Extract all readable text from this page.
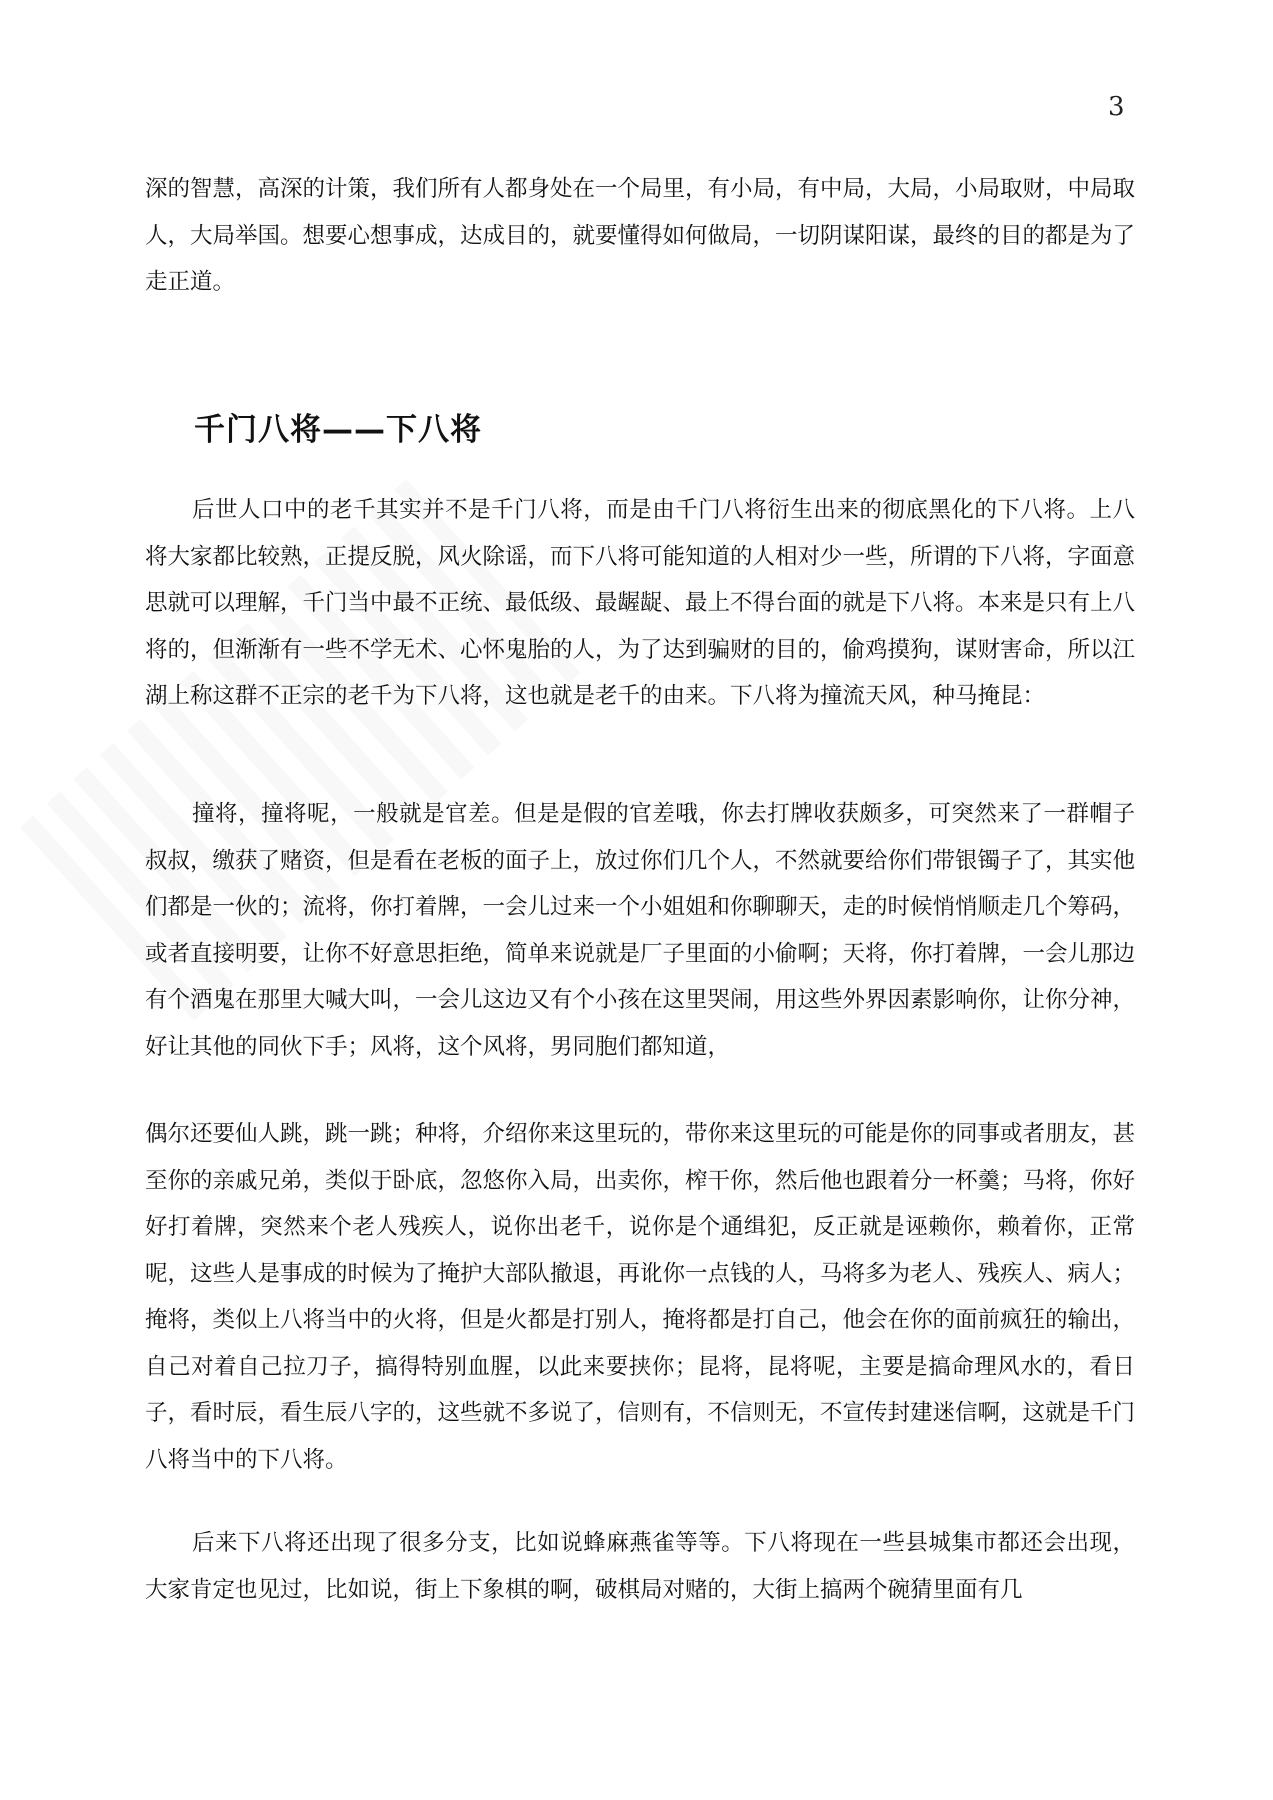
3

深的智慧，高深的计策，我们所有人都身处在一个局里，有小局，有中局，大局，小局取财，中局取人，大局举国。想要心想事成，达成目的，就要懂得如何做局，一切阴谋阳谋，最终的目的都是为了走正道。

千门八将——下八将

后世人口中的老千其实并不是千门八将，而是由千门八将衍生出来的彻底黑化的下八将。上八将大家都比较熟，正提反脱，风火除谣，而下八将可能知道的人相对少一些，所谓的下八将，字面意思就可以理解，千门当中最不正统、最低级、最龌龊、最上不得台面的就是下八将。本来是只有上八将的，但渐渐有一些不学无术、心怀鬼胎的人，为了达到骗财的目的，偷鸡摸狗，谋财害命，所以江湖上称这群不正宗的老千为下八将，这也就是老千的由来。下八将为撞流天风，种马掩昆：

撞将，撞将呢，一般就是官差。但是是假的官差哦，你去打牌收获颇多，可突然来了一群帽子叔叔，缴获了赌资，但是看在老板的面子上，放过你们几个人，不然就要给你们带银镯子了，其实他们都是一伙的；流将，你打着牌，一会儿过来一个小姐姐和你聊聊天，走的时候悄悄顺走几个筹码，或者直接明要，让你不好意思拒绝，简单来说就是厂子里面的小偷啊；天将，你打着牌，一会儿那边有个酒鬼在那里大喊大叫，一会儿这边又有个小孩在这里哭闹，用这些外界因素影响你，让你分神，好让其他的同伙下手；风将，这个风将，男同胞们都知道，

偶尔还要仙人跳，跳一跳；种将，介绍你来这里玩的，带你来这里玩的可能是你的同事或者朋友，甚至你的亲戚兄弟，类似于卧底，忽悠你入局，出卖你，榨干你，然后他也跟着分一杯羹；马将，你好好打着牌，突然来个老人残疾人，说你出老千，说你是个通缉犯，反正就是诬赖你，赖着你，正常呢，这些人是事成的时候为了掩护大部队撤退，再讹你一点钱的人，马将多为老人、残疾人、病人；掩将，类似上八将当中的火将，但是火都是打别人，掩将都是打自己，他会在你的面前疯狂的输出，自己对着自己拉刀子，搞得特别血腥，以此来要挟你；昆将，昆将呢，主要是搞命理风水的，看日子，看时辰，看生辰八字的，这些就不多说了，信则有，不信则无，不宣传封建迷信啊，这就是千门八将当中的下八将。

后来下八将还出现了很多分支，比如说蜂麻燕雀等等。下八将现在一些县城集市都还会出现，大家肯定也见过，比如说，街上下象棋的啊，破棋局对赌的，大街上搞两个碗猜里面有几
